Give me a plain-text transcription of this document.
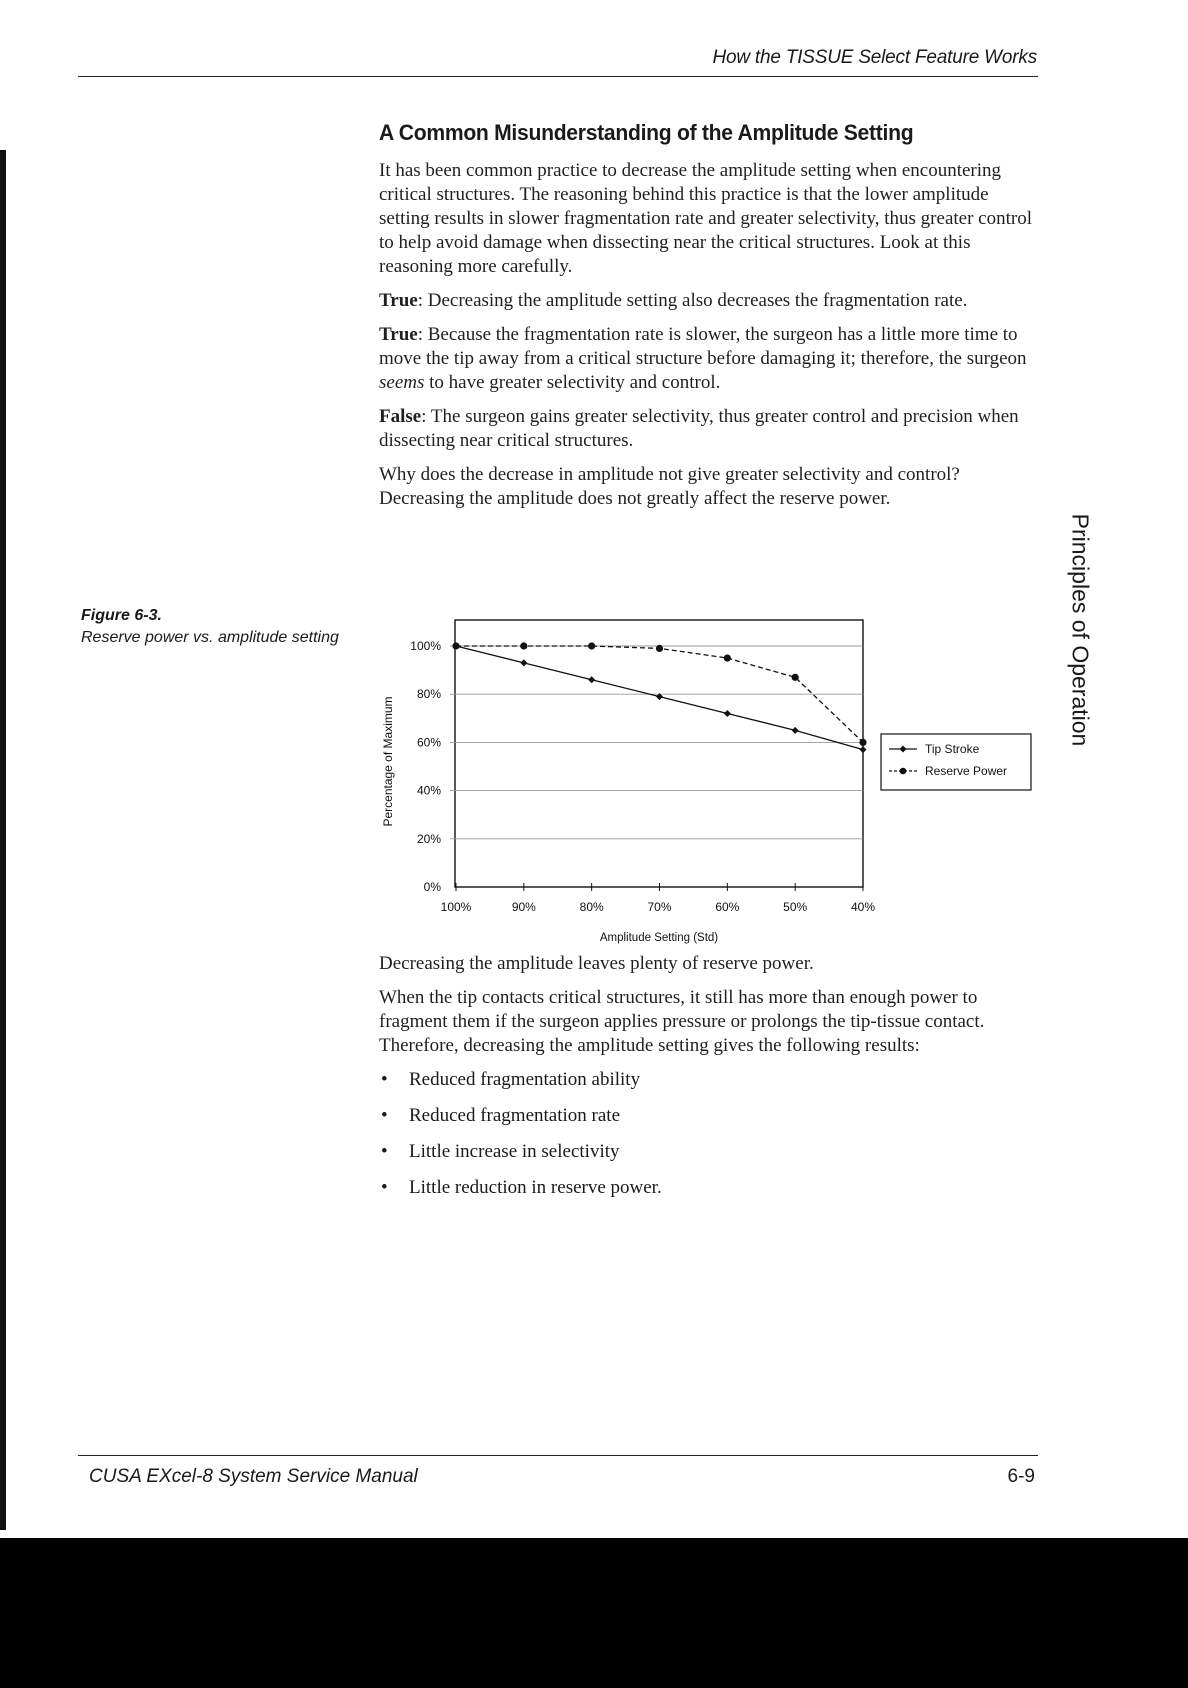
How the TISSUE Select Feature Works
A Common Misunderstanding of the Amplitude Setting

It has been common practice to decrease the amplitude setting when encountering critical structures. The reasoning behind this practice is that the lower amplitude setting results in slower fragmentation rate and greater selectivity, thus greater control to help avoid damage when dissecting near the critical structures. Look at this reasoning more carefully.

True: Decreasing the amplitude setting also decreases the fragmentation rate.

True: Because the fragmentation rate is slower, the surgeon has a little more time to move the tip away from a critical structure before damaging it; therefore, the surgeon seems to have greater selectivity and control.

False: The surgeon gains greater selectivity, thus greater control and precision when dissecting near critical structures.

Why does the decrease in amplitude not give greater selectivity and control? Decreasing the amplitude does not greatly affect the reserve power.

Figure 6-3.
Reserve power vs. amplitude setting
0%
20%
40%
60%
80%
100%
100%	90%	80%	70%	60%	50%	40%
Amplitude Setting (Std)
Percentage of Maximum	Tip Stroke
Reserve Power

Decreasing the amplitude leaves plenty of reserve power.

When the tip contacts critical structures, it still has more than enough power to fragment them if the surgeon applies pressure or prolongs the tip-tissue contact. Therefore, decreasing the amplitude setting gives the following results:

• Reduced fragmentation ability
• Reduced fragmentation rate
• Little increase in selectivity
• Little reduction in reserve power.
Principles of Operation
CUSA EXcel-8 System Service Manual	6-9
